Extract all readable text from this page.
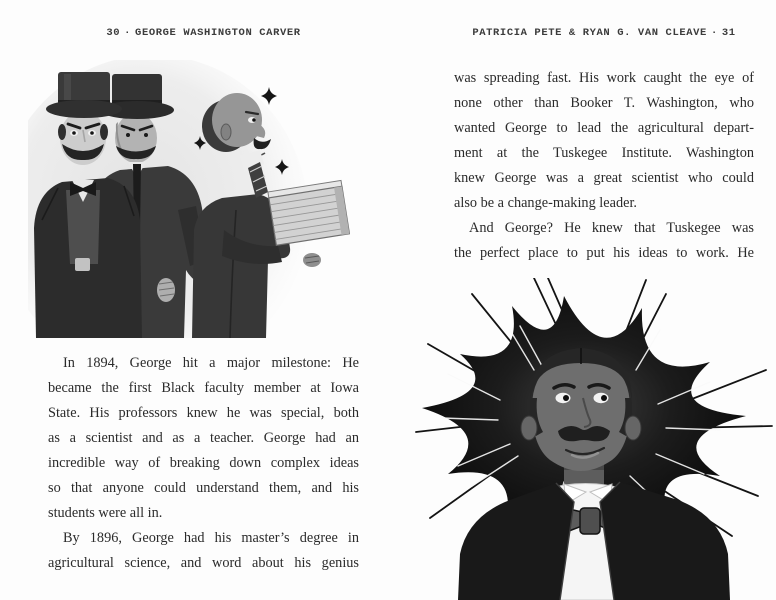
30 · GEORGE WASHINGTON CARVER
In 1894, George hit a major milestone: He
became the first Black faculty member at Iowa
State. His professors knew he was special, both
as a scientist and as a teacher. George had an
incredible way of breaking down complex ideas
so that anyone could understand them, and his
students were all in.
By 1896, George had his master’s degree in
agricultural science, and word about his genius
PATRICIA PETE & RYAN G. VAN CLEAVE · 31
was spreading fast. His work caught the eye of
none other than Booker T. Washington, who
wanted George to lead the agricultural depart-
ment at the Tuskegee Institute. Washington
knew George was a great scientist who could
also be a change-making leader.
And George? He knew that Tuskegee was
the perfect place to put his ideas to work. He
